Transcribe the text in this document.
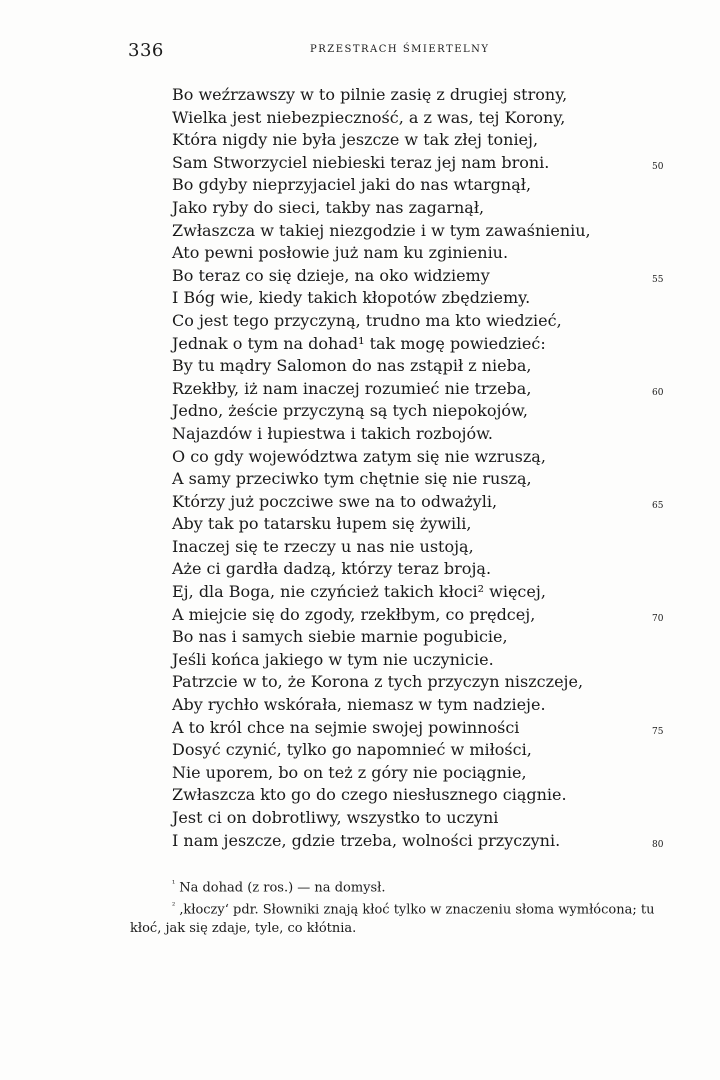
336	PRZESTRACH ŚMIERTELNY
Bo weźrzawszy w to pilnie zasię z drugiej strony,
Wielka jest niebezpieczność, a z was, tej Korony,
Która nigdy nie była jeszcze w tak złej toniej,
Sam Stworzyciel niebieski teraz jej nam broni.	50
Bo gdyby nieprzyjaciel jaki do nas wtargnął,
Jako ryby do sieci, takby nas zagarnął,
Zwłaszcza w takiej niezgodzie i w tym zawaśnieniu,
Ato pewni posłowie już nam ku zginieniu.
Bo teraz co się dzieje, na oko widziemy	55
I Bóg wie, kiedy takich kłopotów zbędziemy.
Co jest tego przyczyną, trudno ma kto wiedzieć,
Jednak o tym na dohad¹ tak mogę powiedzieć:
By tu mądry Salomon do nas zstąpił z nieba,
Rzekłby, iż nam inaczej rozumieć nie trzeba,	60
Jedno, żeście przyczyną są tych niepokojów,
Najazdów i łupiestwa i takich rozbojów.
O co gdy województwa zatym się nie wzruszą,
A samy przeciwko tym chętnie się nie ruszą,
Którzy już poczciwe swe na to odważyli,	65
Aby tak po tatarsku łupem się żywili,
Inaczej się te rzeczy u nas nie ustoją,
Aże ci gardła dadzą, którzy teraz broją.
Ej, dla Boga, nie czyńcież takich kłoci² więcej,
A miejcie się do zgody, rzekłbym, co prędcej,	70
Bo nas i samych siebie marnie pogubicie,
Jeśli końca jakiego w tym nie uczynicie.
Patrzcie w to, że Korona z tych przyczyn niszczeje,
Aby rychło wskórała, niemasz w tym nadzieje.
A to król chce na sejmie swojej powinności	75
Dosyć czynić, tylko go napomnieć w miłości,
Nie uporem, bo on też z góry nie pociągnie,
Zwłaszcza kto go do czego niesłusznego ciągnie.
Jest ci on dobrotliwy, wszystko to uczyni
I nam jeszcze, gdzie trzeba, wolności przyczyni.	80
$^{^1}$ Na dohad (z ros.) — na domysł.
$^{^2}$ ‚kłoczy‘ pdr. Słowniki znają kłoć tylko w znaczeniu słoma wymłócona; tu kłoć, jak się zdaje, tyle, co kłótnia.
